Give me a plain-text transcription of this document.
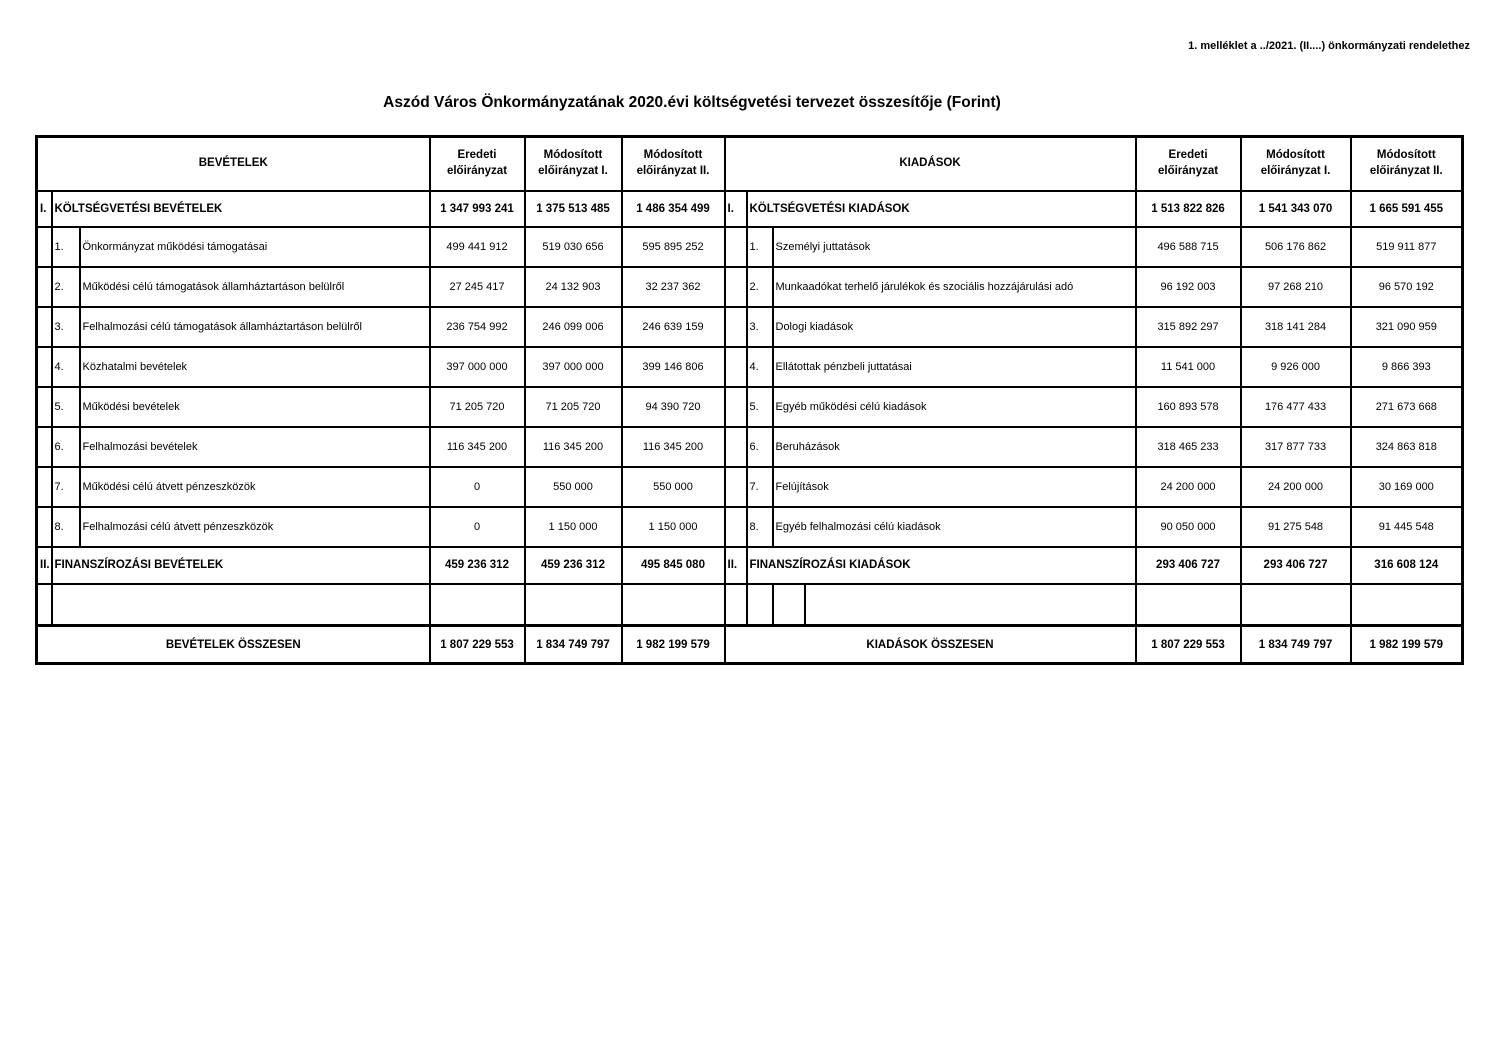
1. melléklet a ../2021. (II....) önkormányzati rendelethez
Aszód Város Önkormányzatának 2020.évi költségvetési tervezet összesítője (Forint)
BEVÉTELEK			Eredeti előirányzat	Módosított előirányzat I.	Módosított előirányzat II.	KIADÁSOK				Eredeti előirányzat	Módosított előirányzat I.	Módosított előirányzat II.
I.	KÖLTSÉGVETÉSI BEVÉTELEK		1 347 993 241	1 375 513 485	1 486 354 499	I.	KÖLTSÉGVETÉSI KIADÁSOK			1 513 822 826	1 541 343 070	1 665 591 455
	1.	Önkormányzat működési támogatásai	499 441 912	519 030 656	595 895 252		1.	Személyi juttatások		496 588 715	506 176 862	519 911 877
	2.	Működési célú támogatások államháztartáson belülről	27 245 417	24 132 903	32 237 362		2.	Munkaadókat terhelő járulékok és szociális hozzájárulási adó		96 192 003	97 268 210	96 570 192
	3.	Felhalmozási célú támogatások államháztartáson belülről	236 754 992	246 099 006	246 639 159		3.	Dologi kiadások		315 892 297	318 141 284	321 090 959
	4.	Közhatalmi bevételek	397 000 000	397 000 000	399 146 806		4.	Ellátottak pénzbeli juttatásai		11 541 000	9 926 000	9 866 393
	5.	Működési bevételek	71 205 720	71 205 720	94 390 720		5.	Egyéb működési célú kiadások		160 893 578	176 477 433	271 673 668
	6.	Felhalmozási bevételek	116 345 200	116 345 200	116 345 200		6.	Beruházások		318 465 233	317 877 733	324 863 818
	7.	Működési célú átvett pénzeszközök	0	550 000	550 000		7.	Felújítások		24 200 000	24 200 000	30 169 000
	8.	Felhalmozási célú átvett pénzeszközök	0	1 150 000	1 150 000		8.	Egyéb felhalmozási célú kiadások		90 050 000	91 275 548	91 445 548
II.	FINANSZÍROZÁSI BEVÉTELEK		459 236 312	459 236 312	495 845 080	II.	FINANSZÍROZÁSI KIADÁSOK			293 406 727	293 406 727	316 608 124

BEVÉTELEK ÖSSZESEN			1 807 229 553	1 834 749 797	1 982 199 579	KIADÁSOK ÖSSZESEN				1 807 229 553	1 834 749 797	1 982 199 579
